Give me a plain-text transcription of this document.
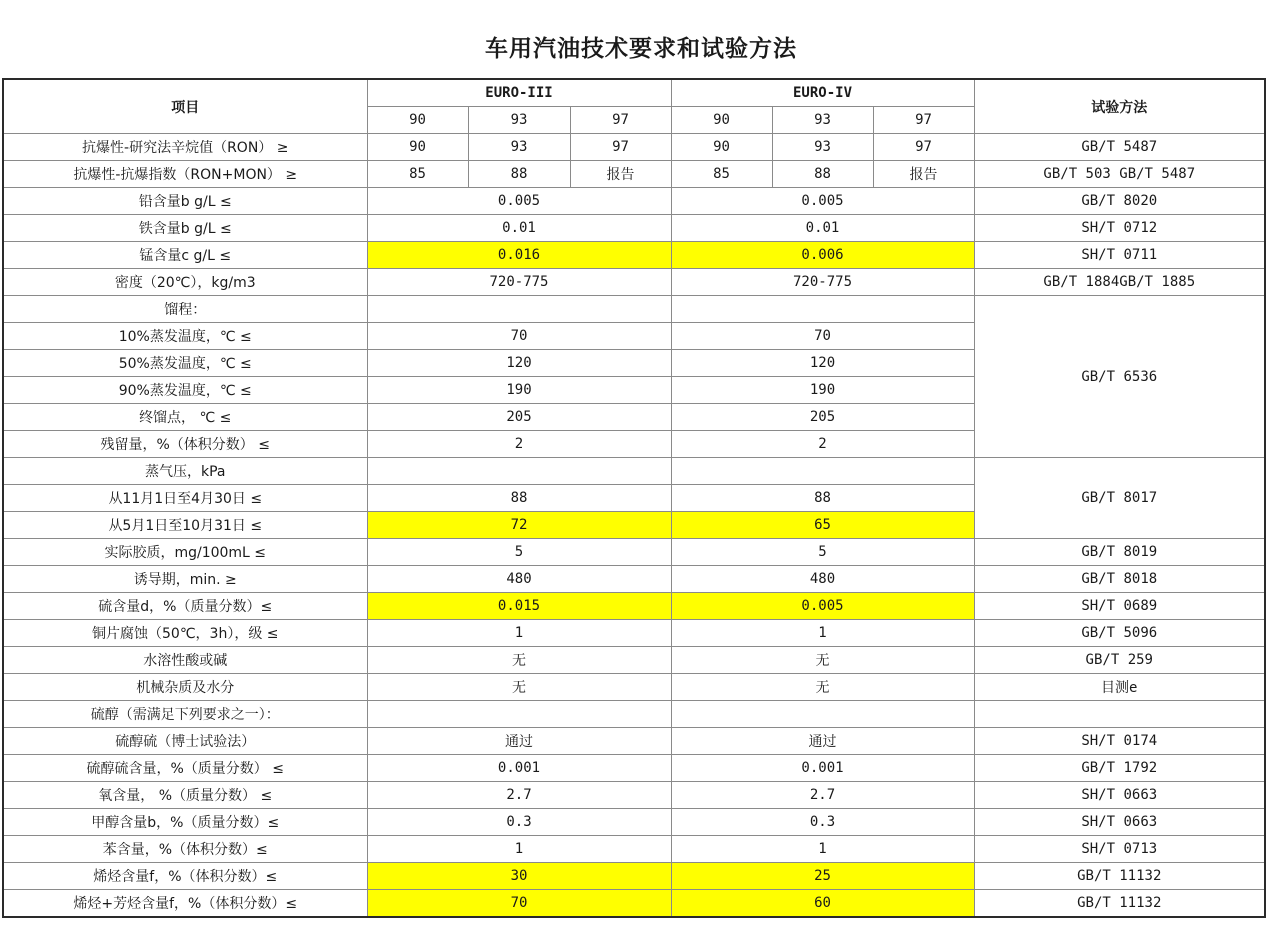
车用汽油技术要求和试验方法
项目	EURO-III			EURO-IV			试验方法
	90	93	97	90	93	97	
抗爆性-研究法辛烷值（RON） ≥	90	93	97	90	93	97	GB/T 5487
抗爆性-抗爆指数（RON+MON） ≥	85	88	报告	85	88	报告	GB/T 503 GB/T 5487
铅含量b g/L ≤	0.005			0.005			GB/T 8020
铁含量b g/L ≤	0.01			0.01			SH/T 0712
锰含量c g/L ≤	0.016			0.006			SH/T 0711
密度（20℃），kg/m3	720-775			720-775			GB/T 1884GB/T 1885
馏程：							GB/T 6536
10%蒸发温度，℃ ≤	70			70			
50%蒸发温度，℃ ≤	120			120			
90%蒸发温度，℃ ≤	190			190			
终馏点， ℃ ≤	205			205			
残留量，%（体积分数） ≤	2			2			
蒸气压，kPa							GB/T 8017
从11月1日至4月30日 ≤	88			88			
从5月1日至10月31日 ≤	72			65			
实际胶质，mg/100mL ≤	5			5			GB/T 8019
诱导期，min. ≥	480			480			GB/T 8018
硫含量d，%（质量分数）≤	0.015			0.005			SH/T 0689
铜片腐蚀（50℃，3h），级 ≤	1			1			GB/T 5096
水溶性酸或碱	无			无			GB/T 259
机械杂质及水分	无			无			目测e
硫醇（需满足下列要求之一）：							
硫醇硫（博士试验法）	通过			通过			SH/T 0174
硫醇硫含量，%（质量分数） ≤	0.001			0.001			GB/T 1792
氧含量， %（质量分数） ≤	2.7			2.7			SH/T 0663
甲醇含量b，%（质量分数）≤	0.3			0.3			SH/T 0663
苯含量，%（体积分数）≤	1			1			SH/T 0713
烯烃含量f，%（体积分数）≤	30			25			GB/T 11132
烯烃+芳烃含量f，%（体积分数）≤	70			60			GB/T 11132
